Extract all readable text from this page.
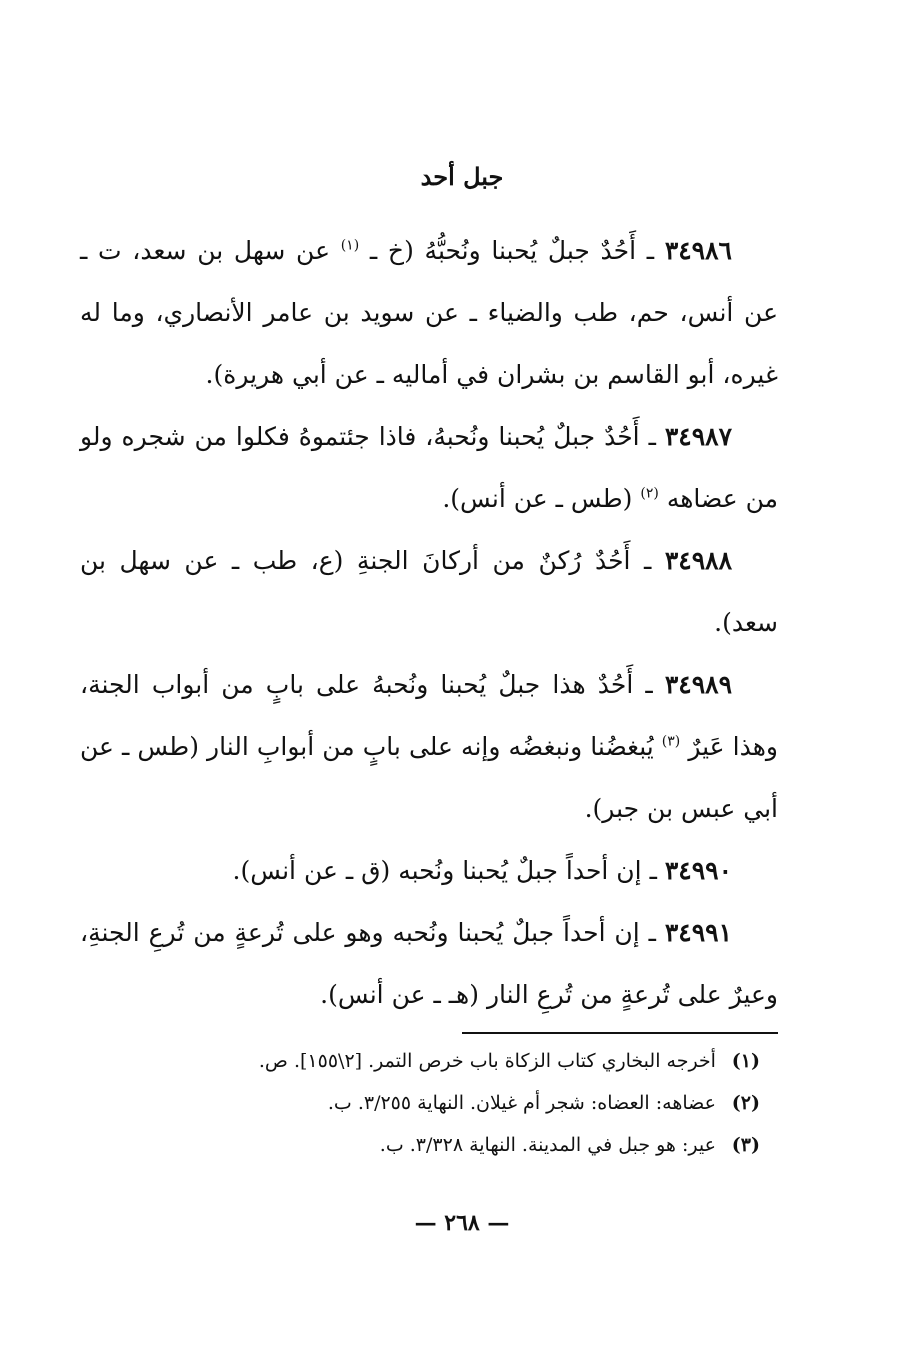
جبل أحد

٣٤٩٨٦ ـ أَحُدٌ جبلٌ يُحبنا ونُحبُّهُ (خ ـ $^{(١)}$ عن سهل بن سعد، ت ـ عن أنس، حم، طب والضياء ـ عن سويد بن عامر الأنصاري، وما له غيره، أبو القاسم بن بشران في أماليه ـ عن أبي هريرة).

٣٤٩٨٧ ـ أَحُدٌ جبلٌ يُحبنا ونُحبهُ، فاذا جئتموهُ فكلوا من شجره ولو من عضاهه $^{(٢)}$ (طس ـ عن أنس).

٣٤٩٨٨ ـ أَحُدٌ رُكنٌ من أركانَ الجنةِ (ع، طب ـ عن سهل بن سعد).

٣٤٩٨٩ ـ أَحُدٌ هذا جبلٌ يُحبنا ونُحبهُ على بابٍ من أبواب الجنة، وهذا عَيرٌ $^{(٣)}$ يُبغضُنا ونبغضُه وإنه على بابٍ من أبوابِ النار (طس ـ عن أبي عبس بن جبر).

٣٤٩٩٠ ـ إن أحداً جبلٌ يُحبنا ونُحبه (ق ـ عن أنس).

٣٤٩٩١ ـ إن أحداً جبلٌ يُحبنا ونُحبه وهو على تُرعةٍ من تُرعِ الجنةِ، وعيرٌ على تُرعةٍ من تُرعِ النار (هـ ـ عن أنس).

(١) أخرجه البخاري كتاب الزكاة باب خرص التمر. [٢\١٥٥]. ص.

(٢) عضاهه: العضاه: شجر أم غيلان. النهاية ٣/٢٥٥. ب.

(٣) عير: هو جبل في المدينة. النهاية ٣/٣٢٨. ب.

— ٢٦٨ —
